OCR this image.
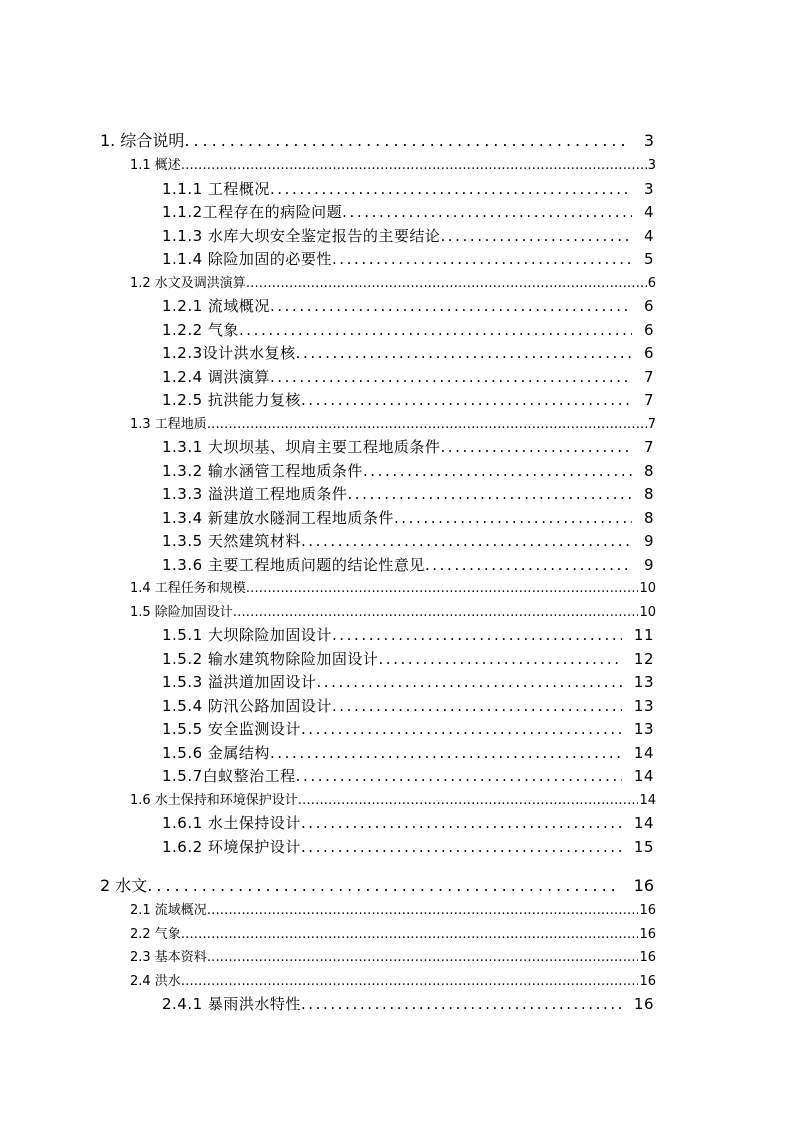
1. 综合说明 .....	3
1.1 概述 .....	3
1.1.1 工程概况 .....	3
1.1.2工程存在的病险问题 .....	4
1.1.3 水库大坝安全鉴定报告的主要结论 .....	4
1.1.4 除险加固的必要性 .....	5
1.2 水文及调洪演算 .....	6
1.2.1 流域概况 .....	6
1.2.2 气象 .....	6
1.2.3设计洪水复核 .....	6
1.2.4 调洪演算 .....	7
1.2.5 抗洪能力复核 .....	7
1.3 工程地质 .....	7
1.3.1 大坝坝基、坝肩主要工程地质条件 .....	7
1.3.2 输水涵管工程地质条件 .....	8
1.3.3 溢洪道工程地质条件 .....	8
1.3.4 新建放水隧洞工程地质条件 .....	8
1.3.5 天然建筑材料 .....	9
1.3.6 主要工程地质问题的结论性意见 .....	9
1.4 工程任务和规模 .....	10
1.5 除险加固设计 .....	10
1.5.1 大坝除险加固设计 .....	11
1.5.2 输水建筑物除险加固设计 .....	12
1.5.3 溢洪道加固设计 .....	13
1.5.4 防汛公路加固设计 .....	13
1.5.5 安全监测设计 .....	13
1.5.6 金属结构 .....	14
1.5.7白蚁整治工程 .....	14
1.6 水土保持和环境保护设计 .....	14
1.6.1 水土保持设计 .....	14
1.6.2 环境保护设计 .....	15
2 水文 .....	16
2.1 流域概况 .....	16
2.2 气象 .....	16
2.3 基本资料 .....	16
2.4 洪水 .....	16
2.4.1 暴雨洪水特性 .....	16
